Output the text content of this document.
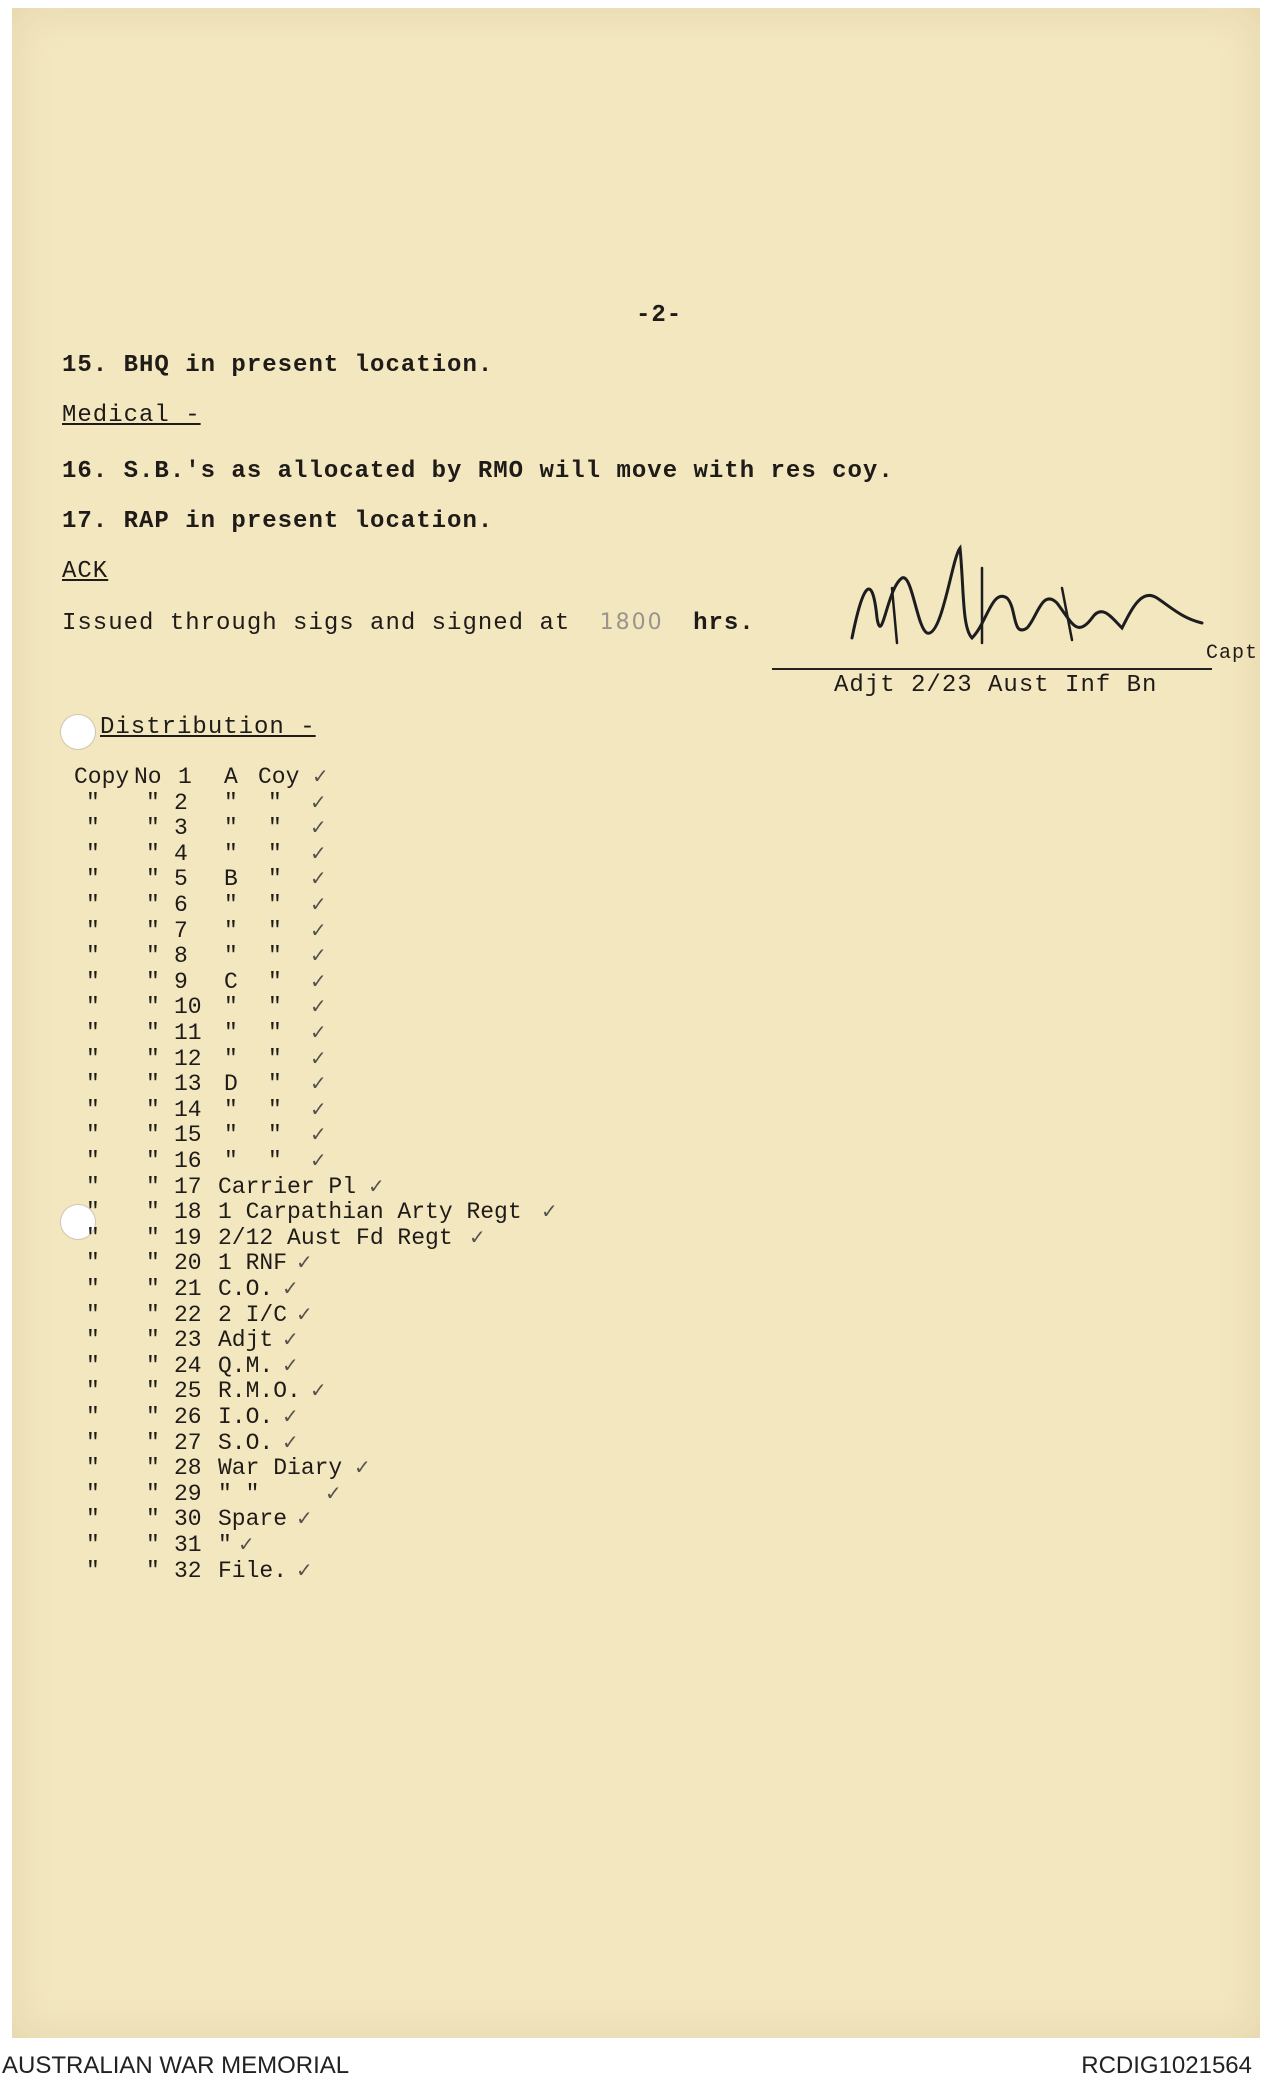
-2-
15. BHQ in present location.
Medical -
16. S.B.'s as allocated by RMO will move with res coy.
17. RAP in present location.
ACK
Issued through sigs and signed at 1800 hrs.
Capt
Adjt 2/23 Aust Inf Bn
Distribution -
Copy No 1 A Coy ✓
" " 2 " " ✓
" " 3 " " ✓
" " 4 " " ✓
" " 5 B " ✓
" " 6 " " ✓
" " 7 " " ✓
" " 8 " " ✓
" " 9 C " ✓
" " 10 " " ✓
" " 11 " " ✓
" " 12 " " ✓
" " 13 D " ✓
" " 14 " " ✓
" " 15 " " ✓
" " 16 " " ✓
" " 17 Carrier Pl ✓
" " 18 1 Carpathian Arty Regt ✓
" " 19 2/12 Aust Fd Regt ✓
" " 20 1 RNF ✓
" " 21 C.O. ✓
" " 22 2 I/C ✓
" " 23 Adjt ✓
" " 24 Q.M. ✓
" " 25 R.M.O. ✓
" " 26 I.O. ✓
" " 27 S.O. ✓
" " 28 War Diary ✓
" " 29 " "	✓
" " 30 Spare ✓
" " 31 " ✓
" " 32 File. ✓
AUSTRALIAN WAR MEMORIAL	RCDIG1021564
